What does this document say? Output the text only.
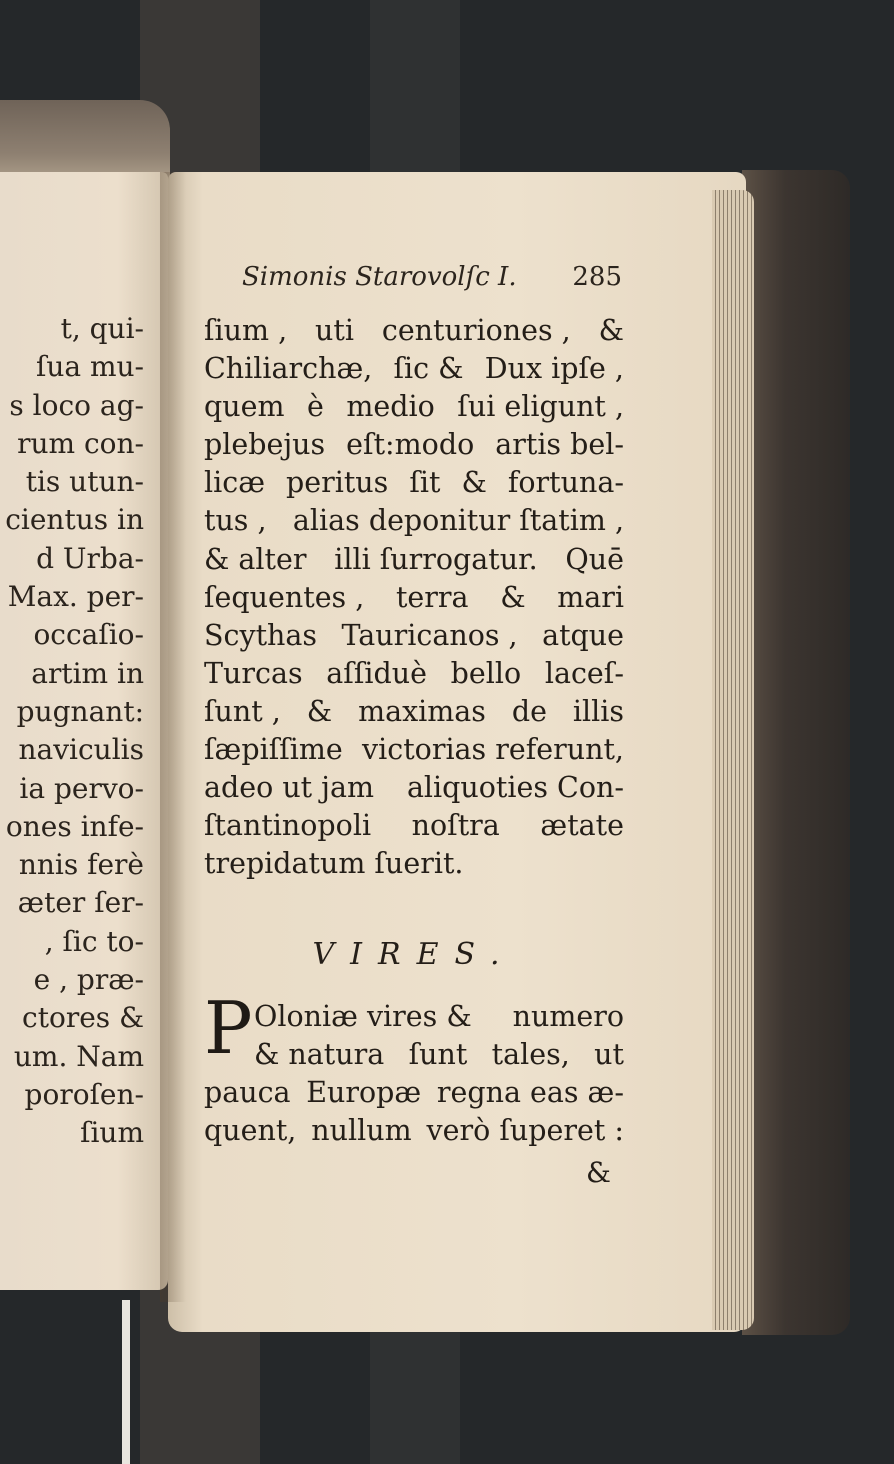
t, qui-
ſua mu-
s loco ag-
rum con-
tis utun-
cientus in
d Urba-
Max. per-
occaſio-
artim in
pugnant:
naviculis
ia pervo-
ones infe-
nnis ferè
æter ſer-
, ſic to-
e , præ-
ctores &
um. Nam
poroſen-
ſium
Simonis Starovolſc I. 285
ſium , uti centuriones , &
Chiliarchæ, ſic & Dux ipſe ,
quem è medio ſui eligunt ,
plebejus eſt:modo artis bel-
licæ peritus ſit & fortuna-
tus , alias deponitur ſtatim ,
& alter illi ſurrogatur. Quē
ſequentes , terra & mari
Scythas Tauricanos , atque
Turcas aſſiduè bello laceſ-
ſunt , & maximas de illis
ſæpiſſime victorias referunt,
adeo ut jam aliquoties Con-
ſtantinopoli noſtra ætate
trepidatum ſuerit.
VIRES.
P Oloniæ vires & numero
& natura ſunt tales, ut
pauca Europæ regna eas æ-
quent, nullum verò ſuperet :
&
